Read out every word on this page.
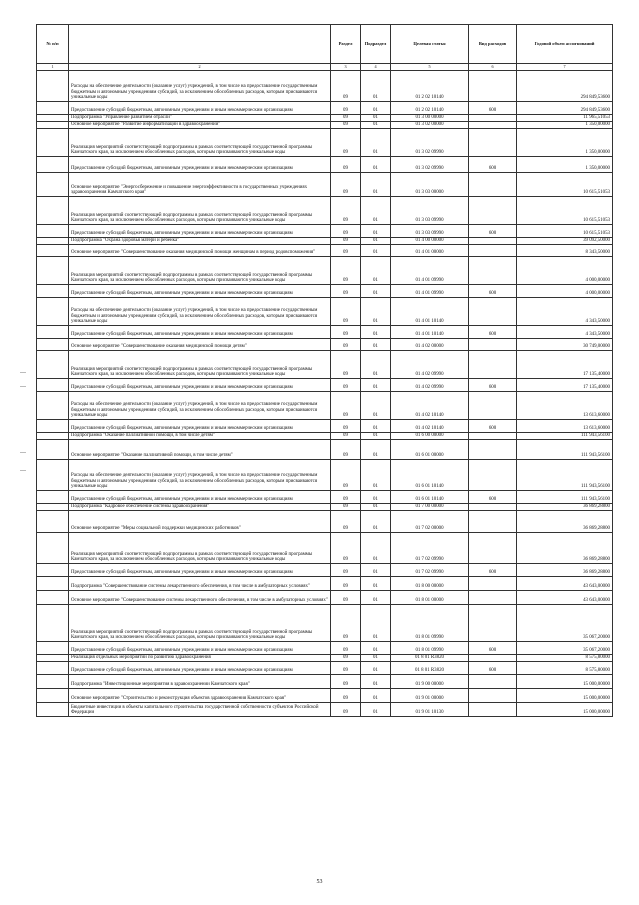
№ п/п		Раздел	Подраздел	Целевая статья	Вид расходов	Годовой объем ассигнований
1	2	3	4	5	6	7
	Расходы на обеспечение деятельности (оказание услуг) учреждений, в том числе на предоставление государственным бюджетным и автономным учреждениям субсидий, за исключением обособленных расходов, которым присваиваются уникальные коды	09	01	01 2 02 10140		294 849,53600
	Предоставление субсидий бюджетным, автономным учреждениям и иным некоммерческим организациям	09	01	01 2 02 10140	600	294 849,53600
	Подпрограмма "Управление развитием отрасли"	09	01	01 3 00 00000		11 965,51053
	Основное мероприятие "Развитие информатизации в здравоохранении"	09	01	01 3 02 00000		1 350,00000
	Реализация мероприятий соответствующей подпрограммы в рамках соответствующей государственной программы Камчатского края, за исключением обособленных расходов, которым присваиваются уникальные коды	09	01	01 3 02 09990		1 350,00000
	Предоставление субсидий бюджетным, автономным учреждениям и иным некоммерческим организациям	09	01	01 3 02 09990	600	1 350,00000
	Основное мероприятие "Энергосбережение и повышение энергоэффективности в государственных учреждениях здравоохранения Камчатского края"	09	01	01 3 03 00000		10 615,51053
	Реализация мероприятий соответствующей подпрограммы в рамках соответствующей государственной программы Камчатского края, за исключением обособленных расходов, которым присваиваются уникальные коды	09	01	01 3 03 09990		10 615,51053
	Предоставление субсидий бюджетным, автономным учреждениям и иным некоммерческим организациям	09	01	01 3 03 09990	600	10 615,51053
	Подпрограмма "Охрана здоровья матери и ребенка"	09	01	01 4 00 00000		39 092,50000
	Основное мероприятие "Совершенствование оказания медицинской помощи женщинам в период родовспоможения"	09	01	01 4 01 00000		8 343,50000
	Реализация мероприятий соответствующей подпрограммы в рамках соответствующей государственной программы Камчатского края, за исключением обособленных расходов, которым присваиваются уникальные коды	09	01	01 4 01 09990		4 000,00000
	Предоставление субсидий бюджетным, автономным учреждениям и иным некоммерческим организациям	09	01	01 4 01 09990	600	4 000,00000
	Расходы на обеспечение деятельности (оказание услуг) учреждений, в том числе на предоставление государственным бюджетным и автономным учреждениям субсидий, за исключением обособленных расходов, которым присваиваются уникальные коды	09	01	01 4 01 10140		4 343,50000
	Предоставление субсидий бюджетным, автономным учреждениям и иным некоммерческим организациям	09	01	01 4 01 10140	600	4 343,50000
	Основное мероприятие "Совершенствование оказания медицинской помощи детям"	09	01	01 4 02 00000		30 749,00000
	Реализация мероприятий соответствующей подпрограммы в рамках соответствующей государственной программы Камчатского края, за исключением обособленных расходов, которым присваиваются уникальные коды	09	01	01 4 02 09990		17 135,40000
	Предоставление субсидий бюджетным, автономным учреждениям и иным некоммерческим организациям	09	01	01 4 02 09990	600	17 135,40000
	Расходы на обеспечение деятельности (оказание услуг) учреждений, в том числе на предоставление государственным бюджетным и автономным учреждениям субсидий, за исключением обособленных расходов, которым присваиваются уникальные коды	09	01	01 4 02 10140		13 613,60000
	Предоставление субсидий бюджетным, автономным учреждениям и иным некоммерческим организациям	09	01	01 4 02 10140	600	13 613,60000
	Подпрограмма "Оказание паллиативной помощи, в том числе детям"	09	01	01 6 00 00000		111 943,56100
	Основное мероприятие "Оказание паллиативной помощи, в том числе детям"	09	01	01 6 01 00000		111 943,56100
	Расходы на обеспечение деятельности (оказание услуг) учреждений, в том числе на предоставление государственным бюджетным и автономным учреждениям субсидий, за исключением обособленных расходов, которым присваиваются уникальные коды	09	01	01 6 01 10140		111 943,56100
	Предоставление субсидий бюджетным, автономным учреждениям и иным некоммерческим организациям	09	01	01 6 01 10140	600	111 943,56100
	Подпрограмма "Кадровое обеспечение системы здравоохранения"	09	01	01 7 00 00000		36 869,28800
	Основное мероприятие "Меры социальной поддержки медицинских работников"	09	01	01 7 02 00000		36 869,28800
	Реализация мероприятий соответствующей подпрограммы в рамках соответствующей государственной программы Камчатского края, за исключением обособленных расходов, которым присваиваются уникальные коды	09	01	01 7 02 09990		36 869,28800
	Предоставление субсидий бюджетным, автономным учреждениям и иным некоммерческим организациям	09	01	01 7 02 09990	600	36 869,28800
	Подпрограмма "Совершенствование системы лекарственного обеспечения, в том числе в амбулаторных условиях"	09	01	01 8 00 00000		43 643,00000
	Основное мероприятие "Совершенствование системы лекарственного обеспечения, в том числе в амбулаторных условиях"	09	01	01 8 01 00000		43 643,00000
	Реализация мероприятий соответствующей подпрограммы в рамках соответствующей государственной программы Камчатского края, за исключением обособленных расходов, которым присваиваются уникальные коды	09	01	01 8 01 09990		35 067,20000
	Предоставление субсидий бюджетным, автономным учреждениям и иным некоммерческим организациям	09	01	01 8 01 09990	600	35 067,20000
	Реализация отдельных мероприятий по развитию здравоохранения	09	01	01 8 01 R3820		8 575,80000
	Предоставление субсидий бюджетным, автономным учреждениям и иным некоммерческим организациям	09	01	01 8 01 R3820	600	8 575,80000
	Подпрограмма "Инвестиционные мероприятия в здравоохранении Камчатского края"	09	01	01 9 00 00000		15 000,00000
	Основное мероприятие "Строительство и реконструкция объектов здравоохранения Камчатского края"	09	01	01 9 01 00000		15 000,00000
	Бюджетные инвестиции в объекты капитального строительства государственной собственности субъектов Российской Федерации	09	01	01 9 01 10130		15 000,00000
53
